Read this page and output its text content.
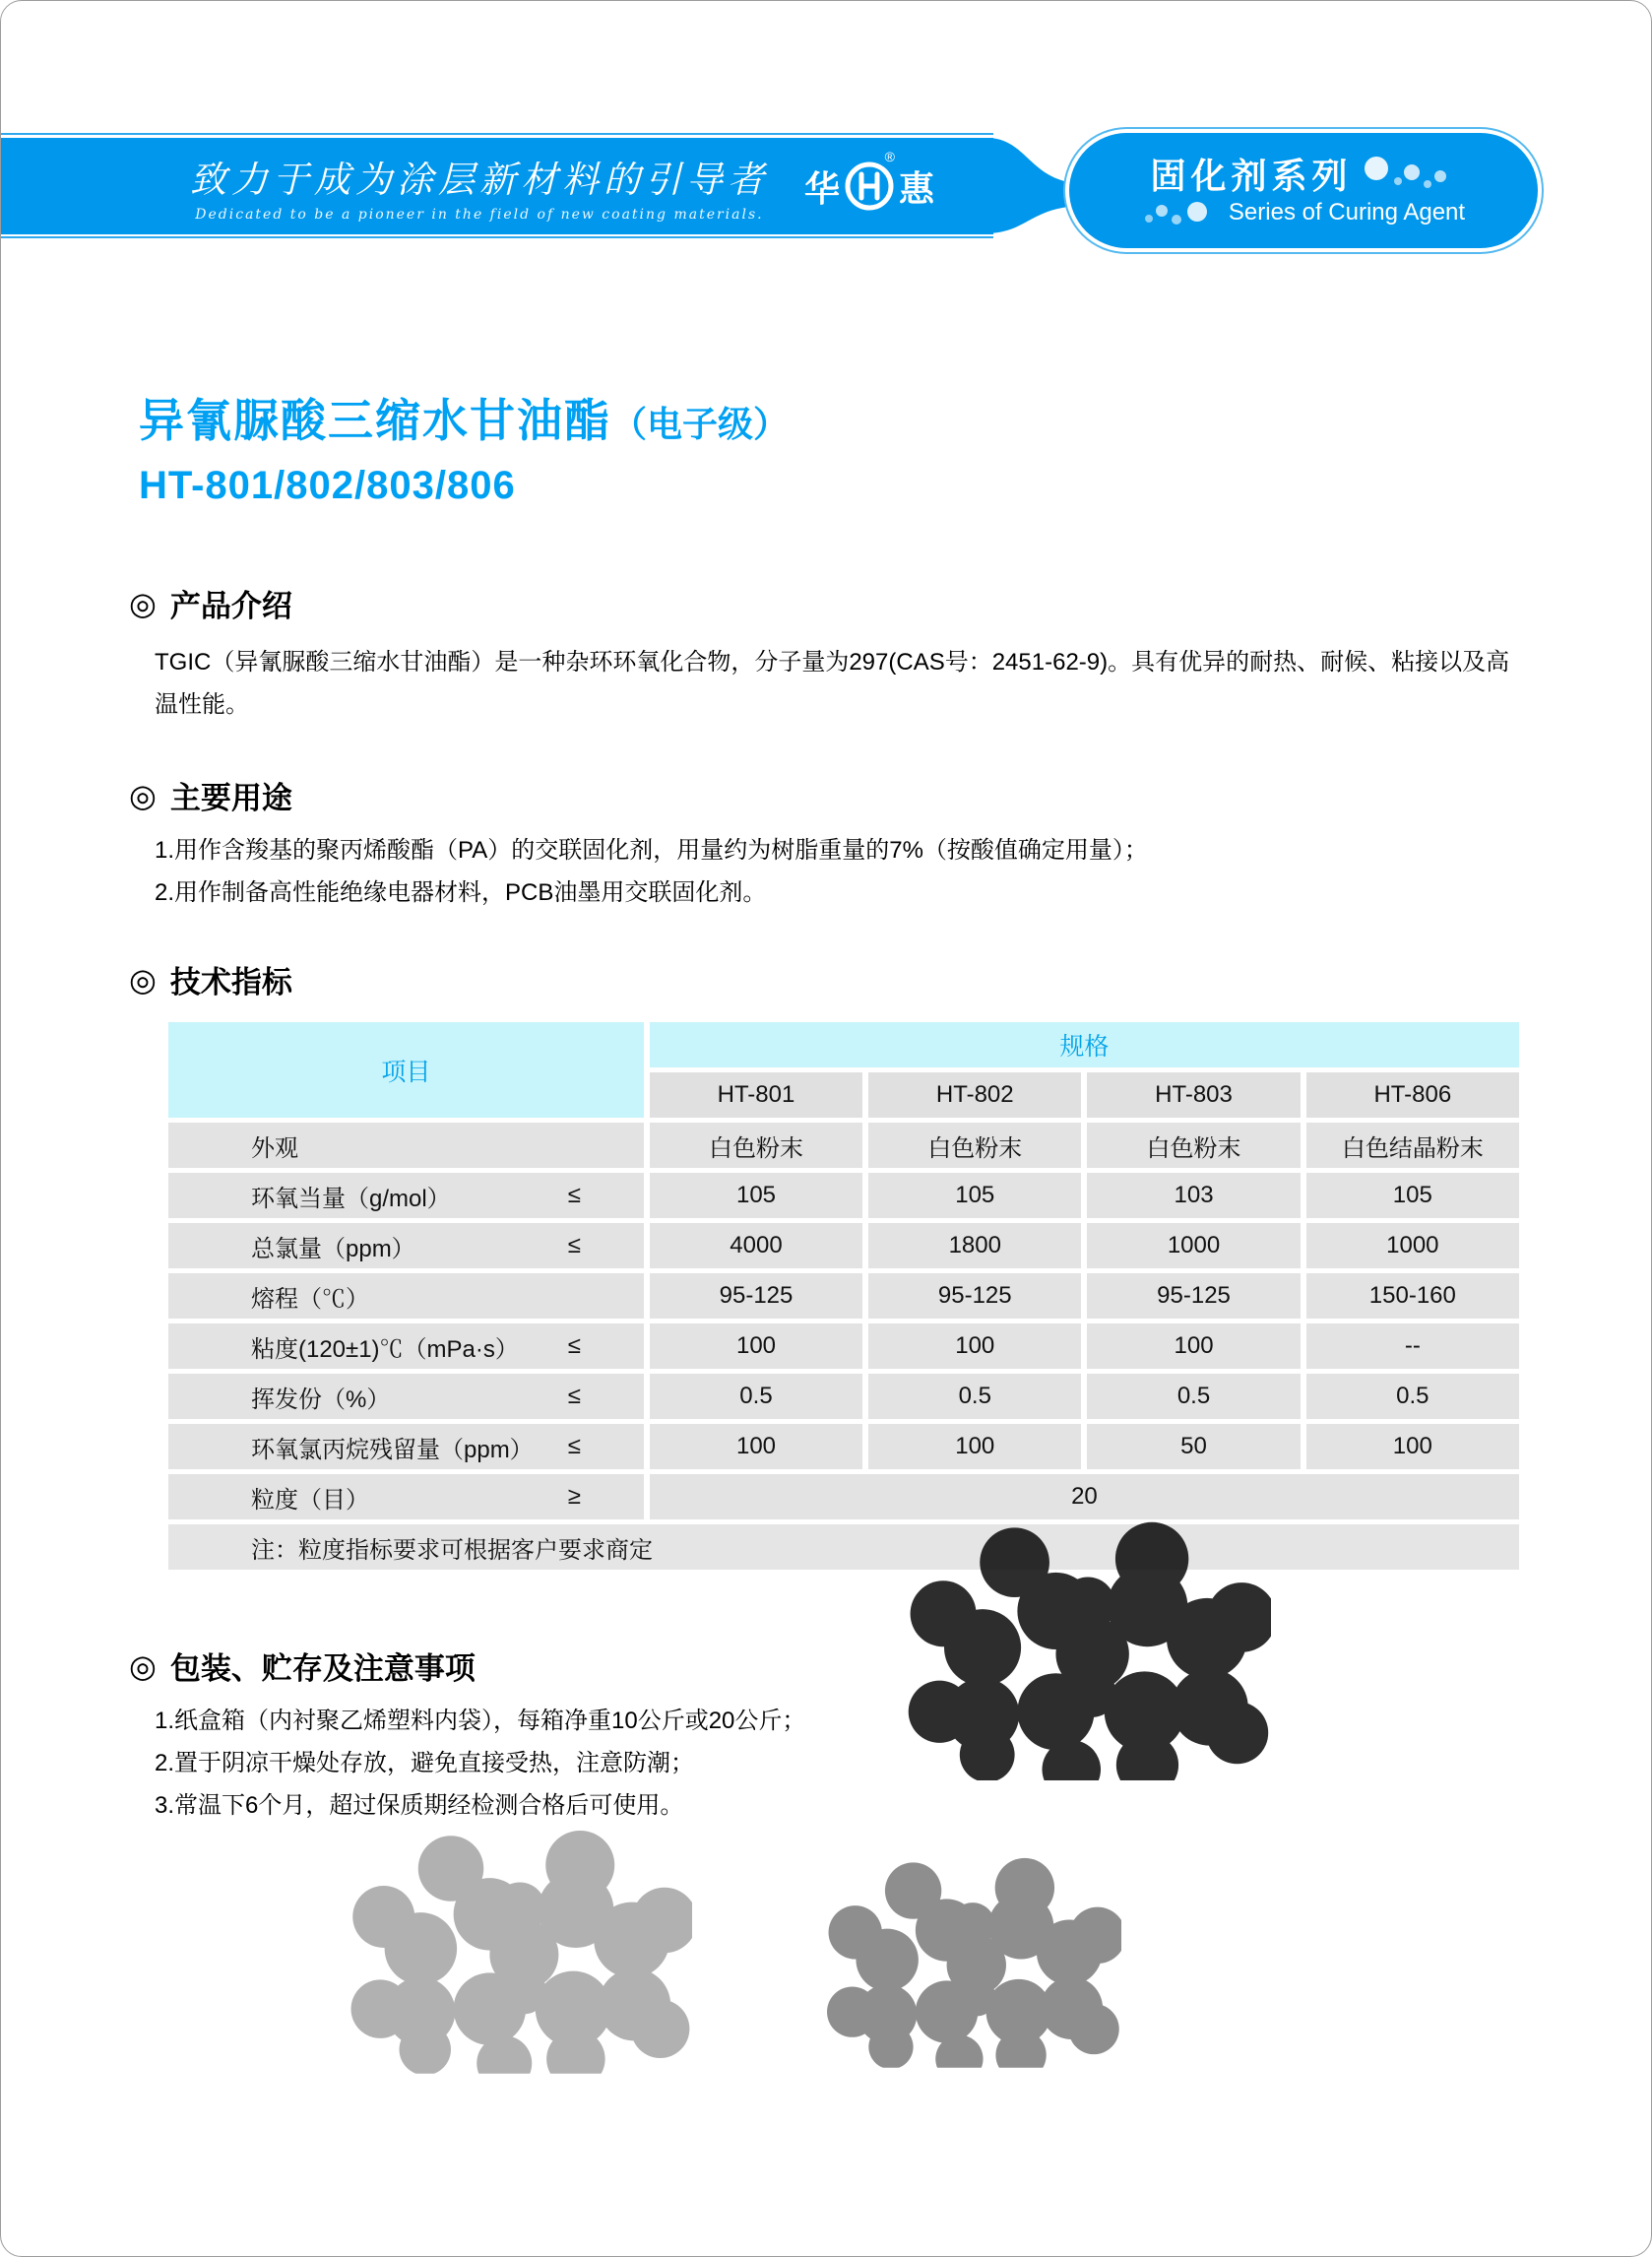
致力于成为涂层新材料的引导者
Dedicated to be a pioneer in the field of new coating materials.
华
®
惠	固化剂系列
Series of Curing Agent
异氰脲酸三缩水甘油酯（电子级）
HT-801/802/803/806
◎ 产品介绍

TGIC（异氰脲酸三缩水甘油酯）是一种杂环环氧化合物，分子量为297(CAS号：2451-62-9)。具有优异的耐热、耐候、粘接以及高温性能。

◎ 主要用途

1.用作含羧基的聚丙烯酸酯（PA）的交联固化剂，用量约为树脂重量的7%（按酸值确定用量）；

2.用作制备高性能绝缘电器材料，PCB油墨用交联固化剂。

◎ 技术指标
项目	规格			
	HT-801	HT-802	HT-803	HT-806
外观	白色粉末	白色粉末	白色粉末	白色结晶粉末
环氧当量（g/mol） ≤	105	105	103	105
总氯量（ppm） ≤	4000	1800	1000	1000
熔程（℃）	95-125	95-125	95-125	150-160
粘度(120±1)℃（mPa·s） ≤	100	100	100	--
挥发份（%） ≤	0.5	0.5	0.5	0.5
环氧氯丙烷残留量（ppm） ≤	100	100	50	100
粒度（目） ≥	20			
注：粒度指标要求可根据客户要求商定				
◎ 包装、贮存及注意事项

1.纸盒箱（内衬聚乙烯塑料内袋），每箱净重10公斤或20公斤；

2.置于阴凉干燥处存放，避免直接受热，注意防潮；

3.常温下6个月，超过保质期经检测合格后可使用。
